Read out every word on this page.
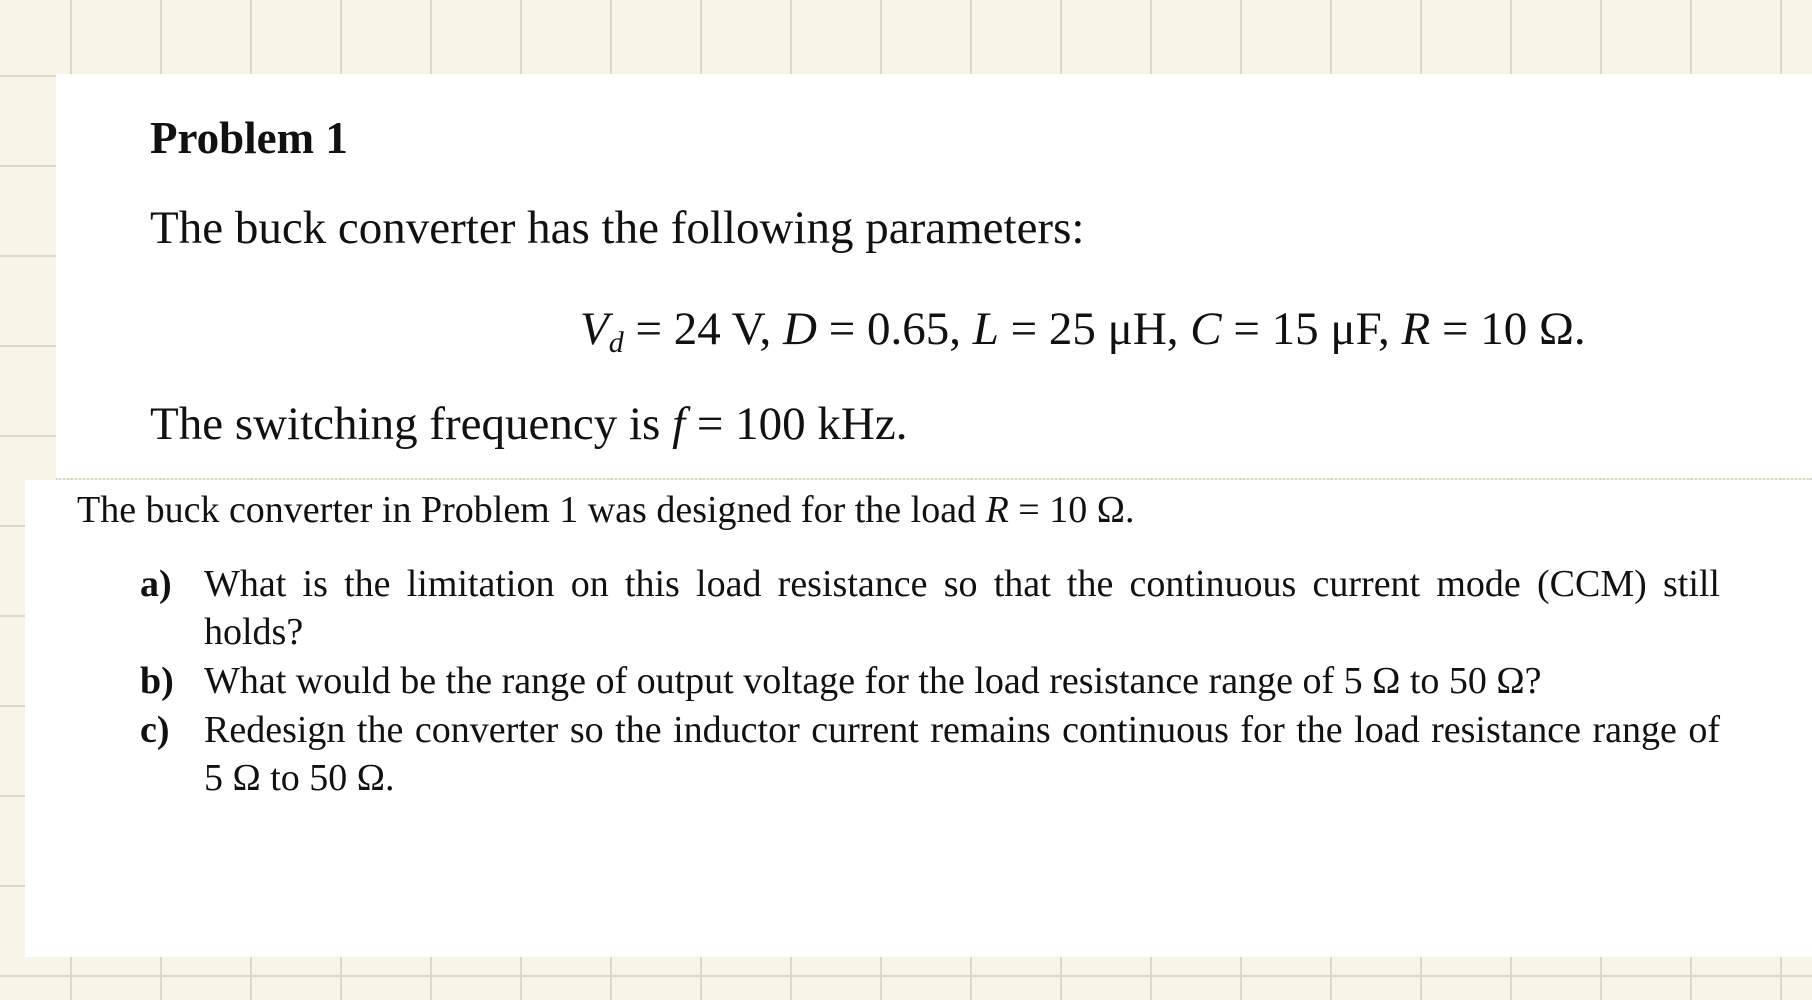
Problem 1
The buck converter has the following parameters:
$V_d = 24$ V, D = 0.65, L = 25 μH, C = 15 μF, R = 10 Ω.
The switching frequency is f = 100 kHz.
The buck converter in Problem 1 was designed for the load R = 10 Ω.
a) What is the limitation on this load resistance so that the continuous current mode (CCM) still holds?
b) What would be the range of output voltage for the load resistance range of 5 Ω to 50 Ω?
c) Redesign the converter so the inductor current remains continuous for the load resistance range of 5 Ω to 50 Ω.
